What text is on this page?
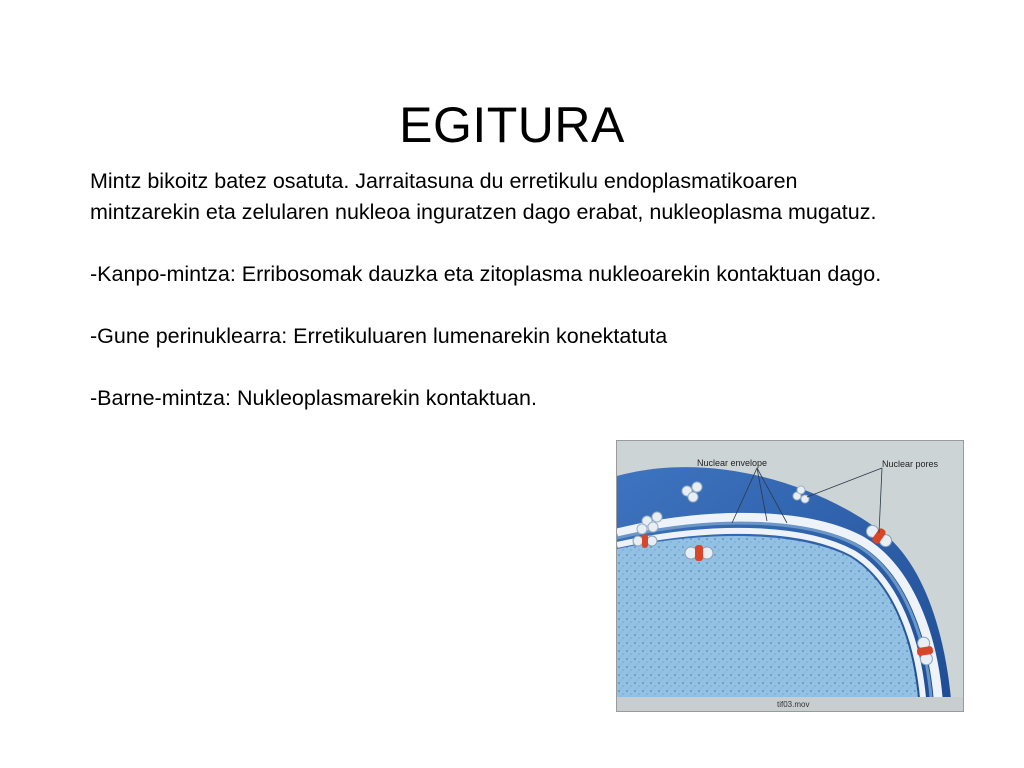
EGITURA

Mintz bikoitz batez osatuta. Jarraitasuna du erretikulu endoplasmatikoaren mintzarekin eta zelularen nukleoa inguratzen dago erabat, nukleoplasma mugatuz.

-Kanpo-mintza: Erribosomak dauzka eta zitoplasma nukleoarekin kontaktuan dago.

-Gune perinuklearra: Erretikuluaren lumenarekin konektatuta

-Barne-mintza: Nukleoplasmarekin kontaktuan.

Nuclear envelope	Nuclear pores
tif03.mov
